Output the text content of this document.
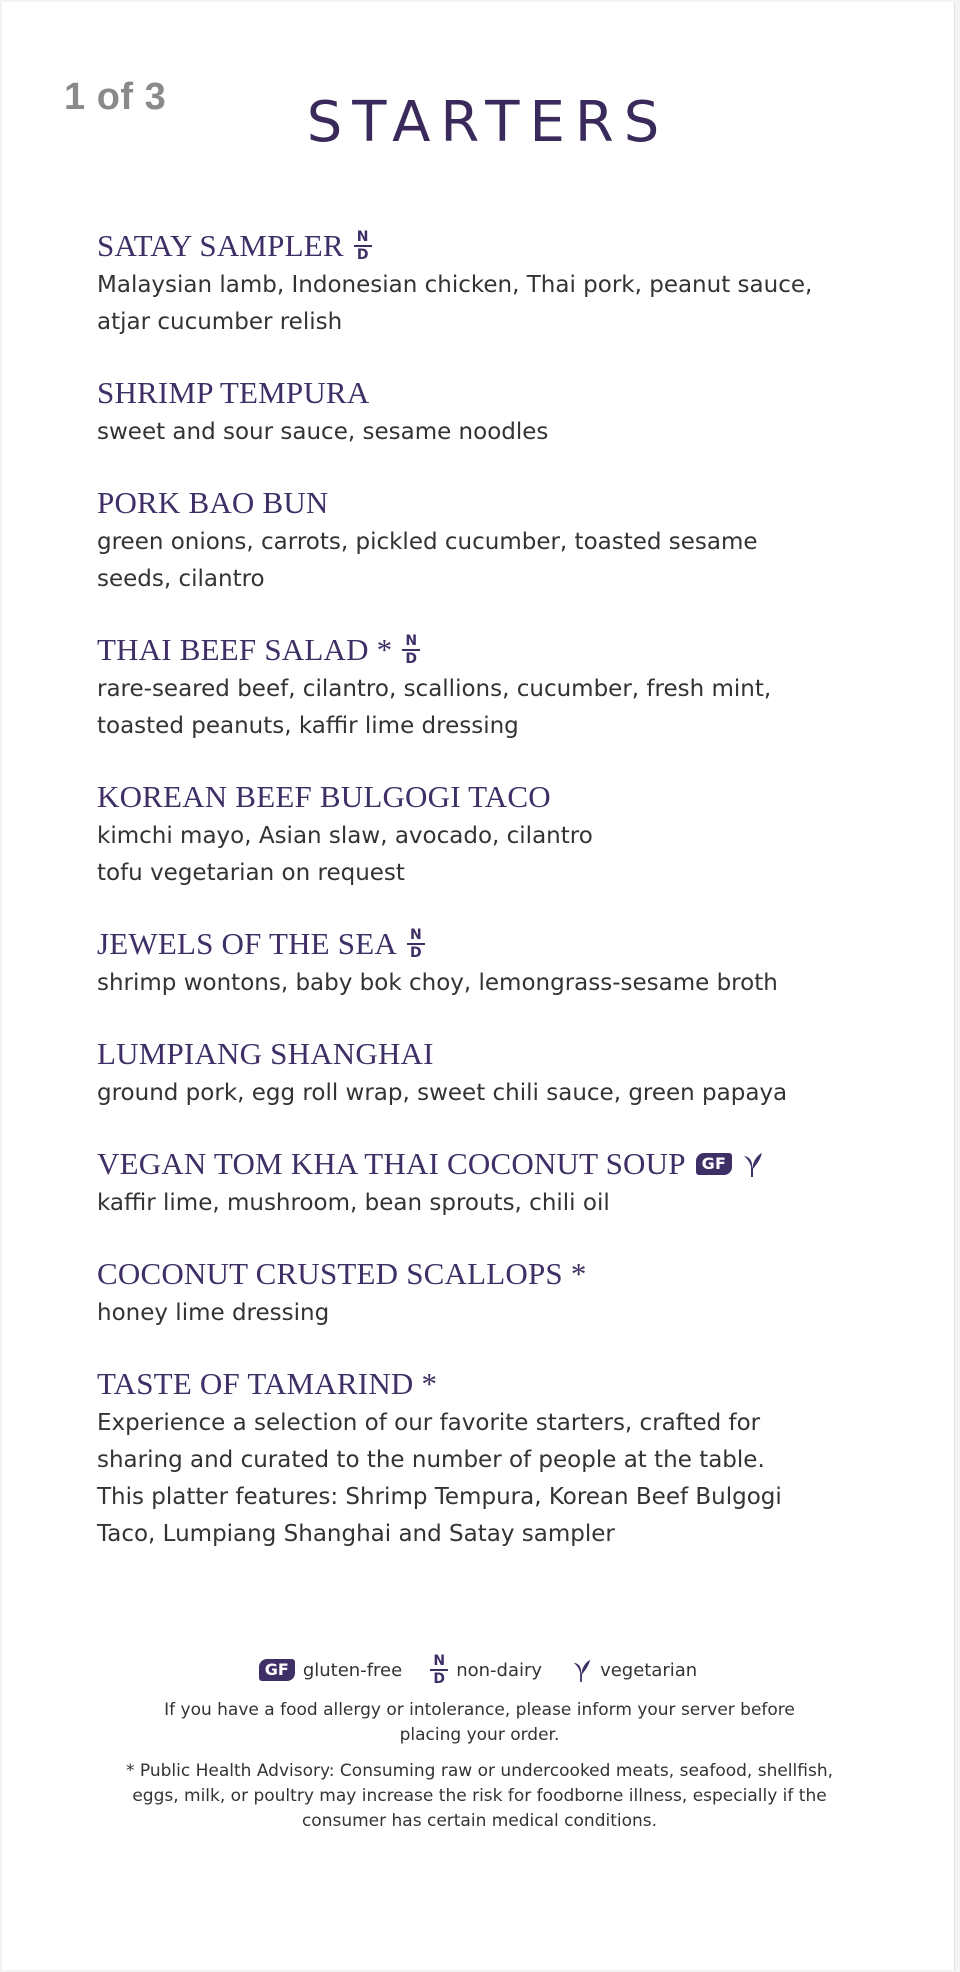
1 of 3	STARTERS
SATAY SAMPLER N
D
Malaysian lamb, Indonesian chicken, Thai pork, peanut sauce,
atjar cucumber relish
SHRIMP TEMPURA
sweet and sour sauce, sesame noodles
PORK BAO BUN
green onions, carrots, pickled cucumber, toasted sesame
seeds, cilantro
THAI BEEF SALAD * N
D
rare-seared beef, cilantro, scallions, cucumber, fresh mint,
toasted peanuts, kaffir lime dressing
KOREAN BEEF BULGOGI TACO
kimchi mayo, Asian slaw, avocado, cilantro
tofu vegetarian on request
JEWELS OF THE SEA N
D
shrimp wontons, baby bok choy, lemongrass-sesame broth
LUMPIANG SHANGHAI
ground pork, egg roll wrap, sweet chili sauce, green papaya
VEGAN TOM KHA THAI COCONUT SOUP	GF
kaffir lime, mushroom, bean sprouts, chili oil
COCONUT CRUSTED SCALLOPS *
honey lime dressing
TASTE OF TAMARIND *
Experience a selection of our favorite starters, crafted for
sharing and curated to the number of people at the table.
This platter features: Shrimp Tempura, Korean Beef Bulgogi
Taco, Lumpiang Shanghai and Satay sampler
GF gluten-free N
D non-dairy	vegetarian
If you have a food allergy or intolerance, please inform your server before placing your order.
* Public Health Advisory: Consuming raw or undercooked meats, seafood, shellfish, eggs, milk, or poultry may increase the risk for foodborne illness, especially if the consumer has certain medical conditions.
